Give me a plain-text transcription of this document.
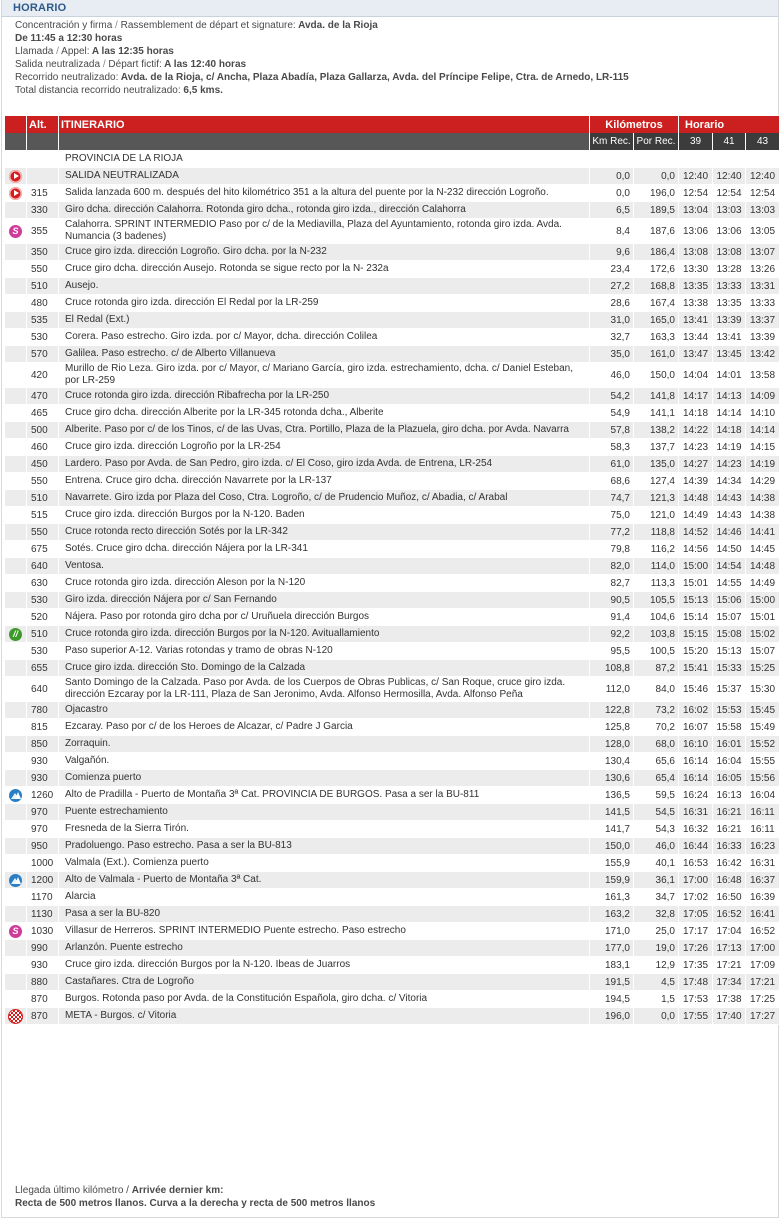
HORARIO
Concentración y firma / Rassemblement de départ et signature: Avda. de la Rioja
De 11:45 a 12:30 horas
Llamada / Appel: A las 12:35 horas
Salida neutralizada / Départ fictif: A las 12:40 horas
Recorrido neutralizado: Avda. de la Rioja, c/ Ancha, Plaza Abadía, Plaza Gallarza, Avda. del Príncipe Felipe, Ctra. de Arnedo, LR-115
Total distancia recorrido neutralizado: 6,5 kms.
	Alt.	ITINERARIO	Kilómetros		Horario		
			Km Rec.	Por Rec.	39	41	43
		PROVINCIA DE LA RIOJA					
		SALIDA NEUTRALIZADA	0,0	0,0	12:40	12:40	12:40
	315	Salida lanzada 600 m. después del hito kilométrico 351 a la altura del puente por la N-232 dirección Logroño.	0,0	196,0	12:54	12:54	12:54
	330	Giro dcha. dirección Calahorra. Rotonda giro dcha., rotonda giro izda., dirección Calahorra	6,5	189,5	13:04	13:03	13:03
S	355	Calahorra. SPRINT INTERMEDIO Paso por c/ de la Mediavilla, Plaza del Ayuntamiento, rotonda giro izda. Avda. Numancia (3 badenes)	8,4	187,6	13:06	13:06	13:05
	350	Cruce giro izda. dirección Logroño. Giro dcha. por la N-232	9,6	186,4	13:08	13:08	13:07
	550	Cruce giro dcha. dirección Ausejo. Rotonda se sigue recto por la N- 232a	23,4	172,6	13:30	13:28	13:26
	510	Ausejo.	27,2	168,8	13:35	13:33	13:31
	480	Cruce rotonda giro izda. dirección El Redal por la LR-259	28,6	167,4	13:38	13:35	13:33
	535	El Redal (Ext.)	31,0	165,0	13:41	13:39	13:37
	530	Corera. Paso estrecho. Giro izda. por c/ Mayor, dcha. dirección Colilea	32,7	163,3	13:44	13:41	13:39
	570	Galilea. Paso estrecho. c/ de Alberto Villanueva	35,0	161,0	13:47	13:45	13:42
	420	Murillo de Rio Leza. Giro izda. por c/ Mayor, c/ Mariano García, giro izda. estrechamiento, dcha. c/ Daniel Esteban, por LR-259	46,0	150,0	14:04	14:01	13:58
	470	Cruce rotonda giro izda. dirección Ribafrecha por la LR-250	54,2	141,8	14:17	14:13	14:09
	465	Cruce giro dcha. dirección Alberite por la LR-345 rotonda dcha., Alberite	54,9	141,1	14:18	14:14	14:10
	500	Alberite. Paso por c/ de los Tinos, c/ de las Uvas, Ctra. Portillo, Plaza de la Plazuela, giro dcha. por Avda. Navarra	57,8	138,2	14:22	14:18	14:14
	460	Cruce giro izda. dirección Logroño por la LR-254	58,3	137,7	14:23	14:19	14:15
	450	Lardero. Paso por Avda. de San Pedro, giro izda. c/ El Coso, giro izda Avda. de Entrena, LR-254	61,0	135,0	14:27	14:23	14:19
	550	Entrena. Cruce giro dcha. dirección Navarrete por la LR-137	68,6	127,4	14:39	14:34	14:29
	510	Navarrete. Giro izda por Plaza del Coso, Ctra. Logroño, c/ de Prudencio Muñoz, c/ Abadia, c/ Arabal	74,7	121,3	14:48	14:43	14:38
	515	Cruce giro izda. dirección Burgos por la N-120. Baden	75,0	121,0	14:49	14:43	14:38
	550	Cruce rotonda recto dirección Sotés por la LR-342	77,2	118,8	14:52	14:46	14:41
	675	Sotés. Cruce giro dcha. dirección Nájera por la LR-341	79,8	116,2	14:56	14:50	14:45
	640	Ventosa.	82,0	114,0	15:00	14:54	14:48
	630	Cruce rotonda giro izda. dirección Aleson por la N-120	82,7	113,3	15:01	14:55	14:49
	530	Giro izda. dirección Nájera por c/ San Fernando	90,5	105,5	15:13	15:06	15:00
	520	Nájera. Paso por rotonda giro dcha por c/ Uruñuela dirección Burgos	91,4	104,6	15:14	15:07	15:01
//	510	Cruce rotonda giro izda. dirección Burgos por la N-120. Avituallamiento	92,2	103,8	15:15	15:08	15:02
	530	Paso superior A-12. Varias rotondas y tramo de obras N-120	95,5	100,5	15:20	15:13	15:07
	655	Cruce giro izda. dirección Sto. Domingo de la Calzada	108,8	87,2	15:41	15:33	15:25
	640	Santo Domingo de la Calzada. Paso por Avda. de los Cuerpos de Obras Publicas, c/ San Roque, cruce giro izda. dirección Ezcaray por la LR-111, Plaza de San Jeronimo, Avda. Alfonso Hermosilla, Avda. Alfonso Peña	112,0	84,0	15:46	15:37	15:30
	780	Ojacastro	122,8	73,2	16:02	15:53	15:45
	815	Ezcaray. Paso por c/ de los Heroes de Alcazar, c/ Padre J Garcia	125,8	70,2	16:07	15:58	15:49
	850	Zorraquin.	128,0	68,0	16:10	16:01	15:52
	930	Valgañón.	130,4	65,6	16:14	16:04	15:55
	930	Comienza puerto	130,6	65,4	16:14	16:05	15:56
	1260	Alto de Pradilla - Puerto de Montaña 3ª Cat. PROVINCIA DE BURGOS. Pasa a ser la BU-811	136,5	59,5	16:24	16:13	16:04
	970	Puente estrechamiento	141,5	54,5	16:31	16:21	16:11
	970	Fresneda de la Sierra Tirón.	141,7	54,3	16:32	16:21	16:11
	950	Pradoluengo. Paso estrecho. Pasa a ser la BU-813	150,0	46,0	16:44	16:33	16:23
	1000	Valmala (Ext.). Comienza puerto	155,9	40,1	16:53	16:42	16:31
	1200	Alto de Valmala - Puerto de Montaña 3ª Cat.	159,9	36,1	17:00	16:48	16:37
	1170	Alarcia	161,3	34,7	17:02	16:50	16:39
	1130	Pasa a ser la BU-820	163,2	32,8	17:05	16:52	16:41
S	1030	Villasur de Herreros. SPRINT INTERMEDIO Puente estrecho. Paso estrecho	171,0	25,0	17:17	17:04	16:52
	990	Arlanzón. Puente estrecho	177,0	19,0	17:26	17:13	17:00
	930	Cruce giro izda. dirección Burgos por la N-120. Ibeas de Juarros	183,1	12,9	17:35	17:21	17:09
	880	Castañares. Ctra de Logroño	191,5	4,5	17:48	17:34	17:21
	870	Burgos. Rotonda paso por Avda. de la Constitución Española, giro dcha. c/ Vitoria	194,5	1,5	17:53	17:38	17:25
	870	META - Burgos. c/ Vitoria	196,0	0,0	17:55	17:40	17:27
Llegada último kilómetro / Arrivée dernier km:
Recta de 500 metros llanos. Curva a la derecha y recta de 500 metros llanos
